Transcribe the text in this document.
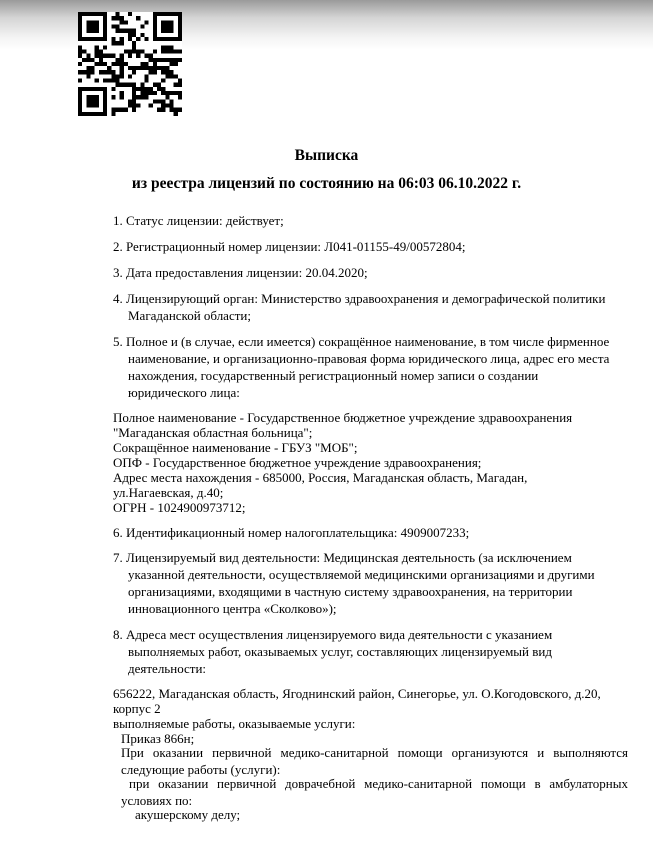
Выписка
из реестра лицензий по состоянию на 06:03 06.10.2022 г.
1. Статус лицензии: действует;
2. Регистрационный номер лицензии: Л041-01155-49/00572804;
3. Дата предоставления лицензии: 20.04.2020;
4. Лицензирующий орган: Министерство здравоохранения и демографической политики
Магаданской области;
5. Полное и (в случае, если имеется) сокращённое наименование, в том числе фирменное
наименование, и организационно-правовая форма юридического лица, адрес его места
нахождения, государственный регистрационный номер записи о создании
юридического лица:
Полное наименование - Государственное бюджетное учреждение здравоохранения
"Магаданская областная больница";
Сокращённое наименование - ГБУЗ "МОБ";
ОПФ - Государственное бюджетное учреждение здравоохранения;
Адрес места нахождения - 685000, Россия, Магаданская область, Магадан,
ул.Нагаевская, д.40;
ОГРН - 1024900973712;
6. Идентификационный номер налогоплательщика: 4909007233;
7. Лицензируемый вид деятельности: Медицинская деятельность (за исключением
указанной деятельности, осуществляемой медицинскими организациями и другими
организациями, входящими в частную систему здравоохранения, на территории
инновационного центра «Сколково»);
8. Адреса мест осуществления лицензируемого вида деятельности с указанием
выполняемых работ, оказываемых услуг, составляющих лицензируемый вид
деятельности:
656222, Магаданская область, Ягоднинский район, Синегорье, ул. О.Когодовского, д.20,
корпус 2
выполняемые работы, оказываемые услуги:
Приказ 866н;
При оказании первичной медико-санитарной помощи организуются и выполняются следующие работы (услуги):
при оказании первичной доврачебной медико-санитарной помощи в амбулаторных условиях по:
акушерскому делу;
